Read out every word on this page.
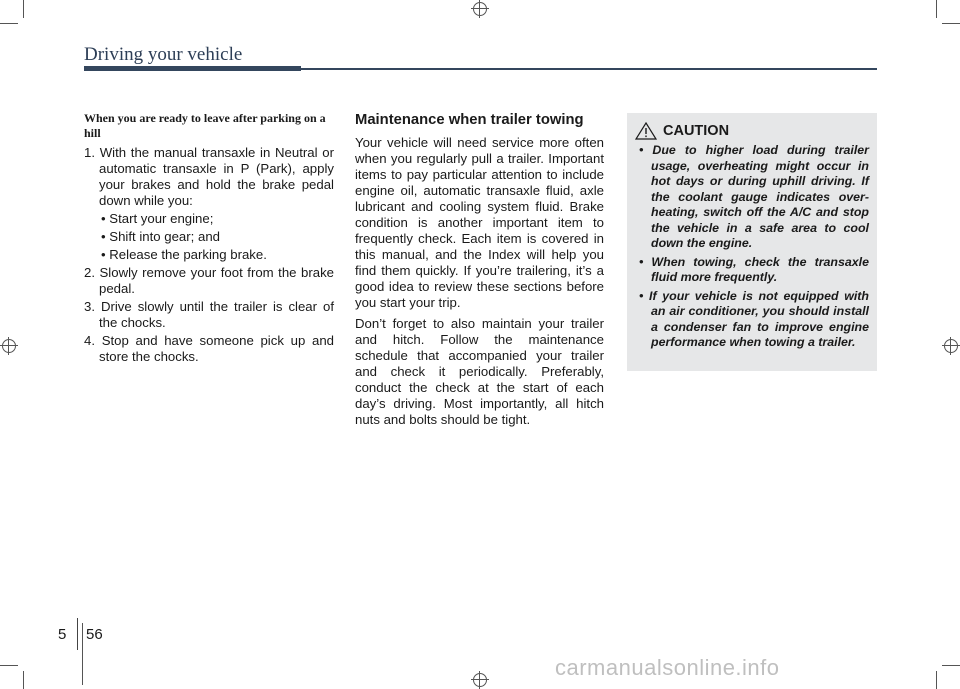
Driving your vehicle
When you are ready to leave after parking on a hill
1. With the manual transaxle in Neutral or automatic transaxle in P (Park), apply your brakes and hold the brake pedal down while you:
• Start your engine;
• Shift into gear; and
• Release the parking brake.
2. Slowly remove your foot from the brake pedal.
3. Drive slowly until the trailer is clear of the chocks.
4. Stop and have someone pick up and store the chocks.
Maintenance when trailer towing
Your vehicle will need service more often when you regularly pull a trailer. Important items to pay particular attention to include engine oil, automatic transaxle fluid, axle lubricant and cooling system fluid. Brake condition is another important item to frequently check. Each item is covered in this manual, and the Index will help you find them quickly. If you’re trailering, it’s a good idea to review these sections before you start your trip.
Don’t forget to also maintain your trailer and hitch. Follow the maintenance schedule that accompanied your trailer and check it periodically. Preferably, conduct the check at the start of each day’s driving. Most importantly, all hitch nuts and bolts should be tight.
CAUTION
• Due to higher load during trailer usage, overheating might occur in hot days or during uphill driving. If the coolant gauge indicates over-heating, switch off the A/C and stop the vehicle in a safe area to cool down the engine.
• When towing, check the transaxle fluid more frequently.
• If your vehicle is not equipped with an air conditioner, you should install a condenser fan to improve engine performance when towing a trailer.
5 56
carmanualsonline.info
